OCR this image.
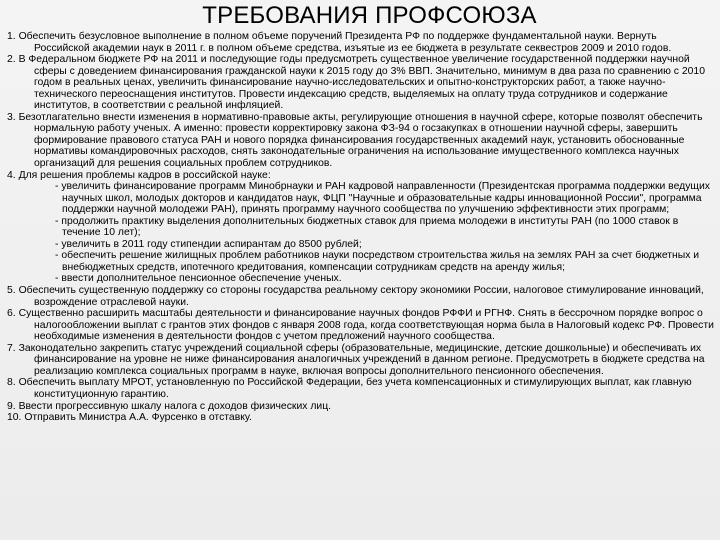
ТРЕБОВАНИЯ ПРОФСОЮЗА
1. Обеспечить безусловное выполнение в полном объеме поручений Президента РФ по поддержке фундаментальной науки. Вернуть Российской академии наук в 2011 г. в полном объеме средства, изъятые из ее бюджета в результате секвестров 2009 и 2010 годов.
2. В Федеральном бюджете РФ на 2011 и последующие годы предусмотреть существенное увеличение государственной поддержки научной сферы с доведением финансирования гражданской науки к 2015 году до 3% ВВП. Значительно, минимум в два раза по сравнению с 2010 годом в реальных ценах, увеличить финансирование научно-исследовательских и опытно-конструкторских работ, а также научно-технического переоснащения институтов. Провести индексацию средств, выделяемых на оплату труда сотрудников и содержание институтов, в соответствии с реальной инфляцией.
3. Безотлагательно внести изменения в нормативно-правовые акты, регулирующие отношения в научной сфере, которые позволят обеспечить нормальную работу ученых. А именно: провести корректировку закона ФЗ-94 о госзакупках в отношении научной сферы, завершить формирование правового статуса РАН и нового порядка финансирования государственных академий наук, установить обоснованные нормативы командировочных расходов, снять законодательные ограничения на использование имущественного комплекса научных организаций для решения социальных проблем сотрудников.
4. Для решения проблемы кадров в российской науке:
- увеличить финансирование программ Минобрнауки и РАН кадровой направленности (Президентская программа поддержки ведущих научных школ, молодых докторов и кандидатов наук, ФЦП "Научные и образовательные кадры инновационной России", программа поддержки научной молодежи РАН), принять программу научного сообщества по улучшению эффективности этих программ;
- продолжить практику выделения дополнительных бюджетных ставок для приема молодежи в институты РАН (по 1000 ставок в течение 10 лет);
- увеличить в 2011 году стипендии аспирантам до 8500 рублей;
- обеспечить решение жилищных проблем работников науки посредством строительства жилья на землях РАН за счет бюджетных и внебюджетных средств, ипотечного кредитования, компенсации сотрудникам средств на аренду жилья;
- ввести дополнительное пенсионное обеспечение ученых.
5. Обеспечить существенную поддержку со стороны государства реальному сектору экономики России, налоговое стимулирование инноваций, возрождение отраслевой науки.
6. Существенно расширить масштабы деятельности и финансирование научных фондов РФФИ и РГНФ. Снять в бессрочном порядке вопрос о налогообложении выплат с грантов этих фондов с января 2008 года, когда соответствующая норма была в Налоговый кодекс РФ. Провести необходимые изменения в деятельности фондов с учетом предложений научного сообщества.
7. Законодательно закрепить статус учреждений социальной сферы (образовательные, медицинские, детские дошкольные) и обеспечивать их финансирование на уровне не ниже финансирования аналогичных учреждений в данном регионе. Предусмотреть в бюджете средства на реализацию комплекса социальных программ в науке, включая вопросы дополнительного пенсионного обеспечения.
8. Обеспечить выплату МРОТ, установленную по Российской Федерации, без учета компенсационных и стимулирующих выплат, как главную конституционную гарантию.
9. Ввести прогрессивную шкалу налога с доходов физических лиц.
10. Отправить Министра А.А. Фурсенко в отставку.
